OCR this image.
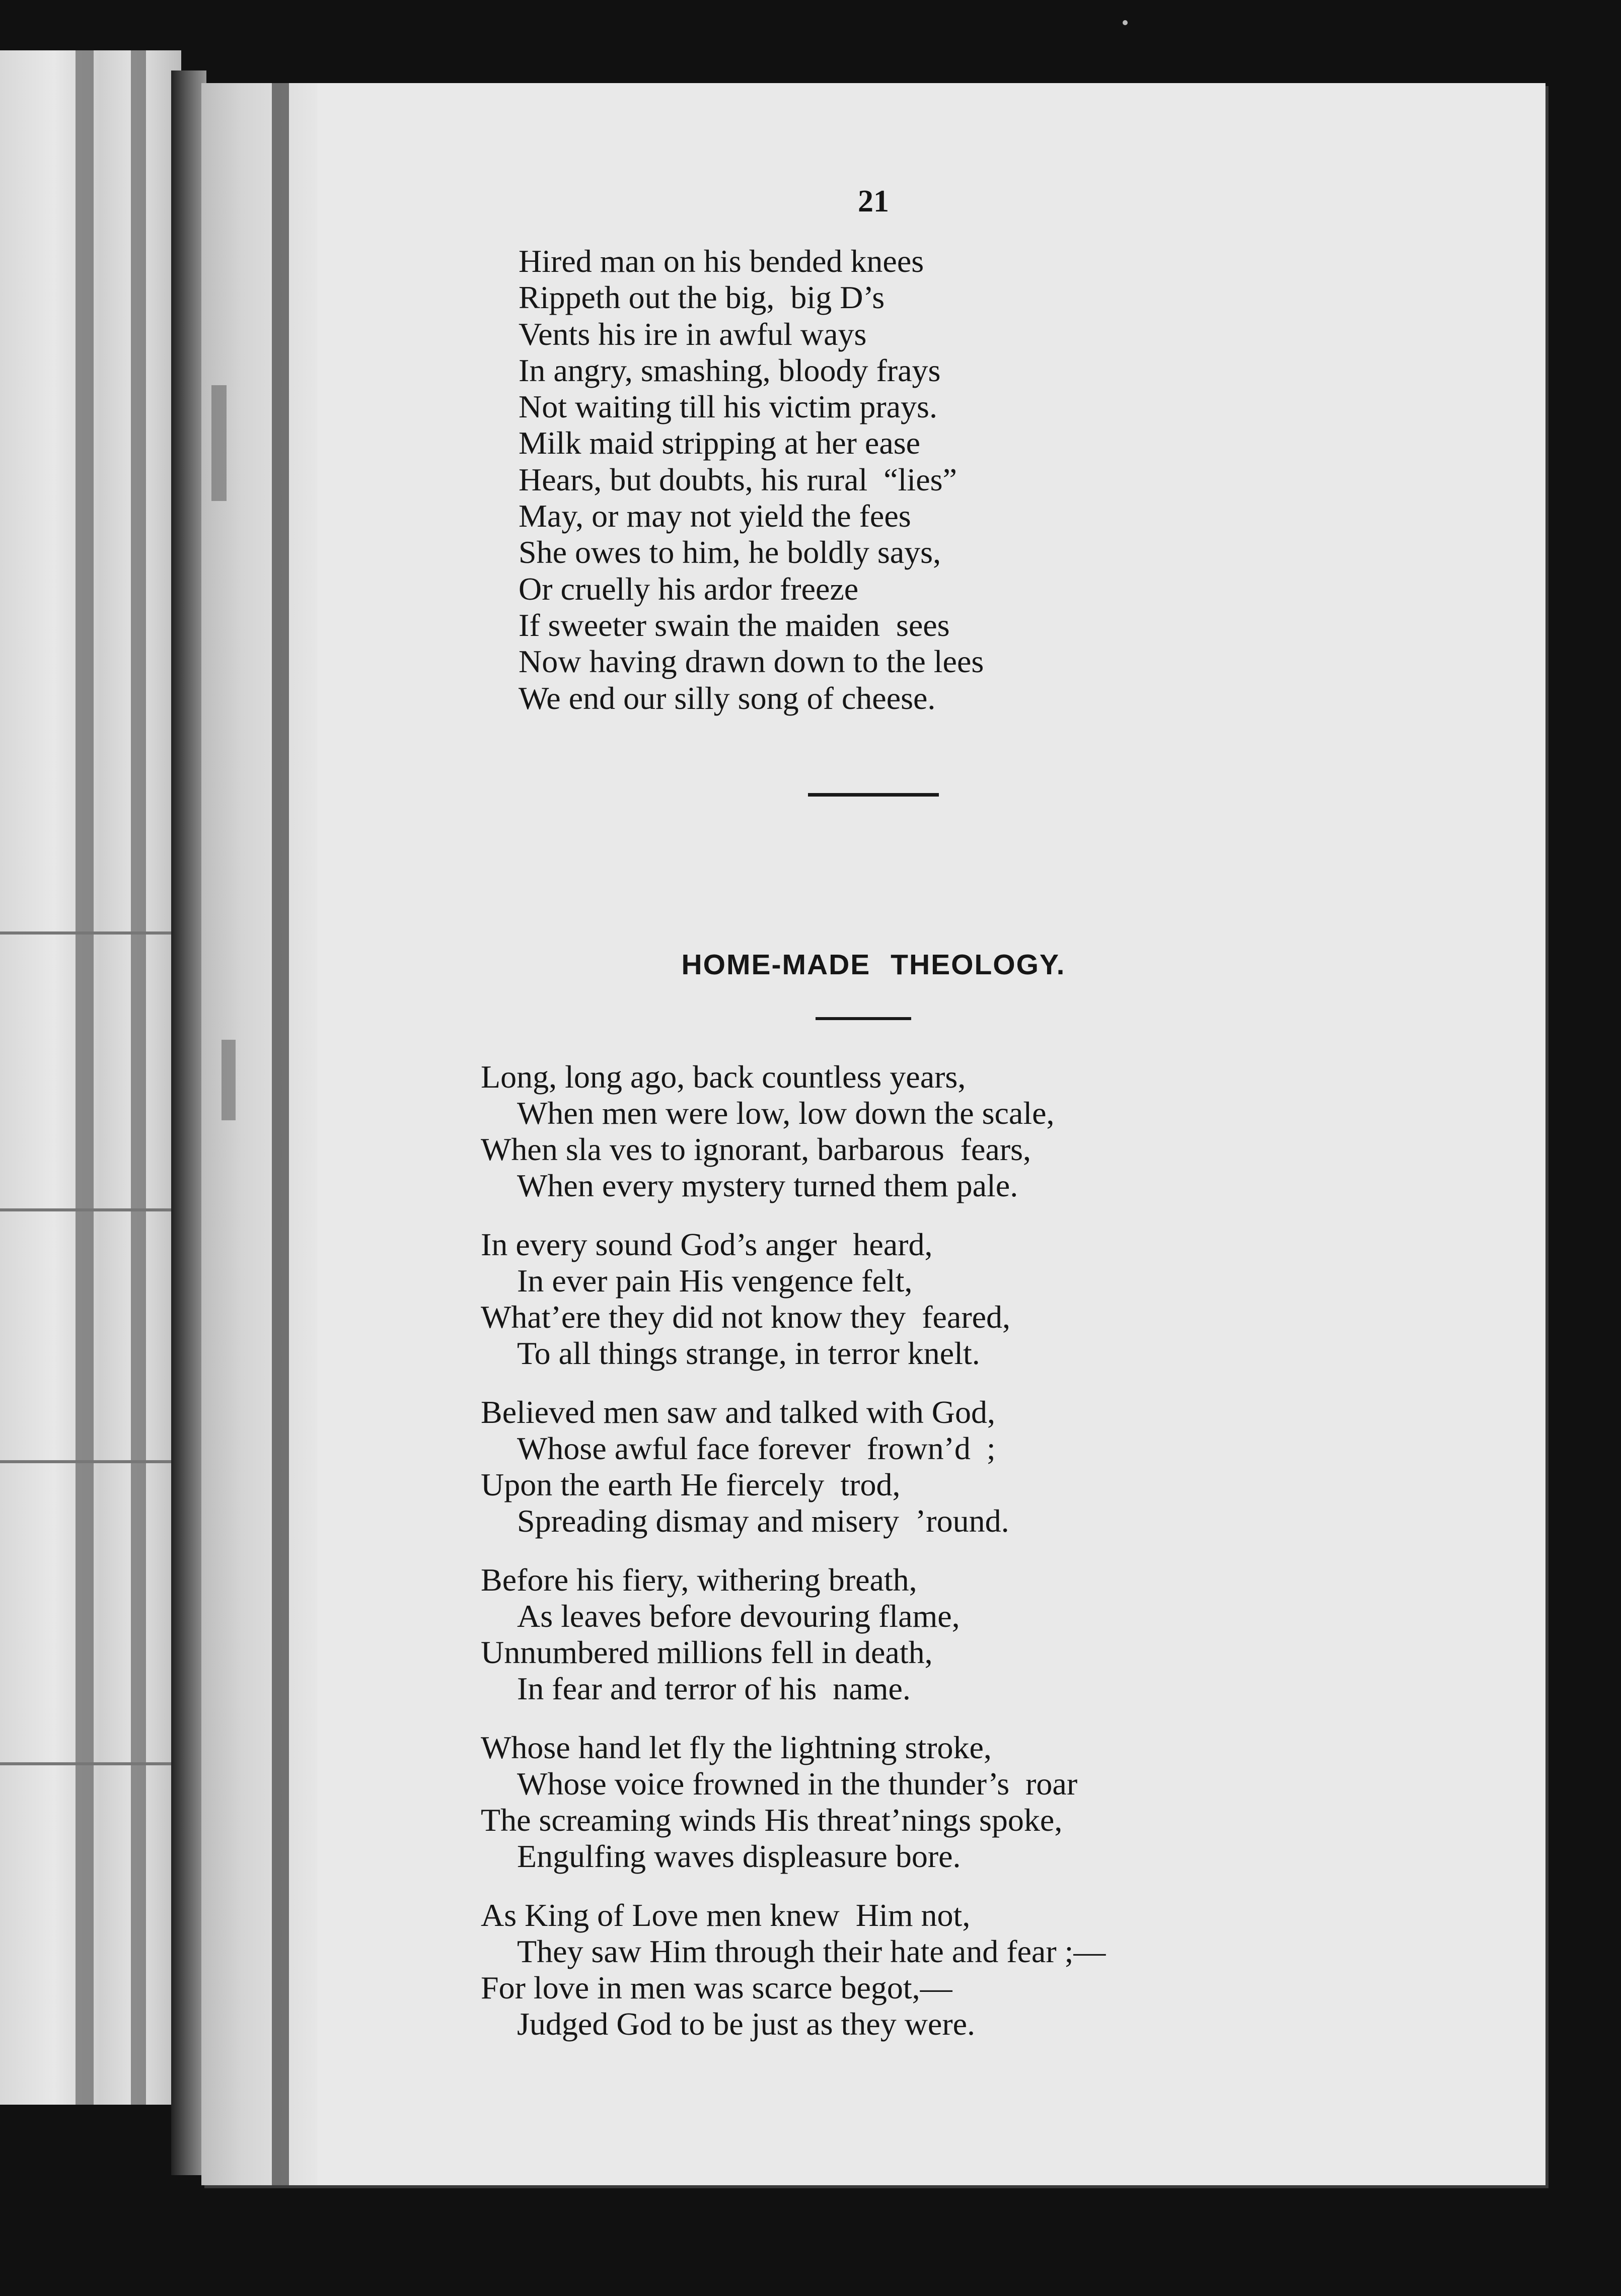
21
Hired man on his bended knees
Rippeth out the big,  big D’s
Vents his ire in awful ways
In angry, smashing, bloody frays
Not waiting till his victim prays.
Milk maid stripping at her ease
Hears, but doubts, his rural  “lies”
May, or may not yield the fees
She owes to him, he boldly says,
Or cruelly his ardor freeze
If sweeter swain the maiden  sees
Now having drawn down to the lees
We end our silly song of cheese.
HOME-MADE THEOLOGY.
Long, long ago, back countless years,
When men were low, low down the scale,
When sla ves to ignorant, barbarous  fears,
When every mystery turned them pale.
In every sound God’s anger  heard,
In ever pain His vengence felt,
What’ere they did not know they  feared,
To all things strange, in terror knelt.
Believed men saw and talked with God,
Whose awful face forever  frown’d  ;
Upon the earth He fiercely  trod,
Spreading dismay and misery  ’round.
Before his fiery, withering breath,
As leaves before devouring flame,
Unnumbered millions fell in death,
In fear and terror of his  name.
Whose hand let fly the lightning stroke,
Whose voice frowned in the thunder’s  roar
The screaming winds His threat’nings spoke,
Engulfing waves displeasure bore.
As King of Love men knew  Him not,
They saw Him through their hate and fear ;—
For love in men was scarce begot,—
Judged God to be just as they were.
